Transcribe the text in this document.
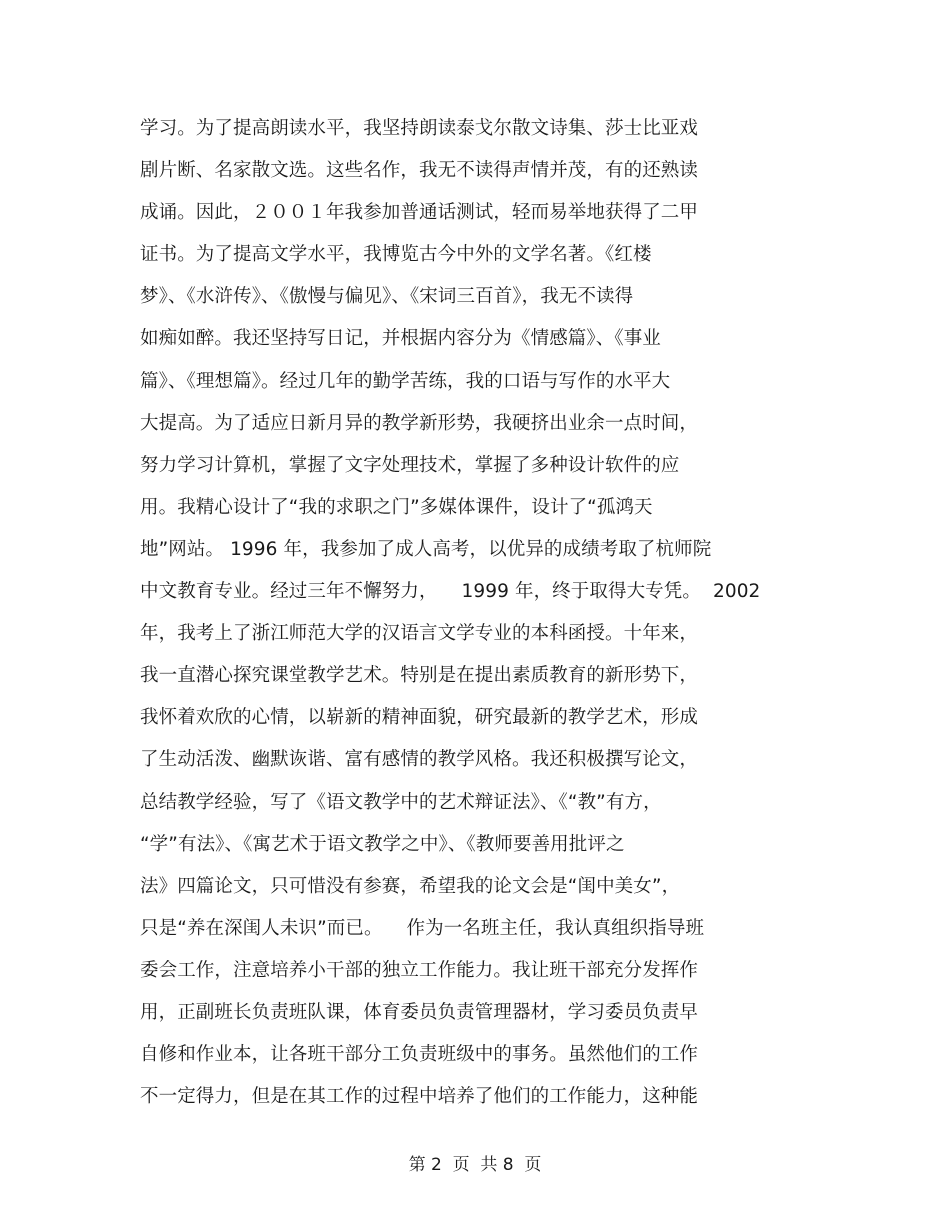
学习。为了提高朗读水平，我坚持朗读泰戈尔散文诗集、莎士比亚戏
剧片断、名家散文选。这些名作，我无不读得声情并茂，有的还熟读
成诵。因此，２００１年我参加普通话测试，轻而易举地获得了二甲
证书。为了提高文学水平，我博览古今中外的文学名著。《红楼
梦》、《水浒传》、《傲慢与偏见》、《宋词三百首》，我无不读得
如痴如醉。我还坚持写日记，并根据内容分为《情感篇》、《事业
篇》、《理想篇》。经过几年的勤学苦练，我的口语与写作的水平大
大提高。为了适应日新月异的教学新形势，我硬挤出业余一点时间，
努力学习计算机，掌握了文字处理技术，掌握了多种设计软件的应
用。我精心设计了“我的求职之门”多媒体课件，设计了“孤鸿天
地”网站。 1996 年，我参加了成人高考，以优异的成绩考取了杭师院
中文教育专业。经过三年不懈努力，    1999 年，终于取得大专凭。  2002
年，我考上了浙江师范大学的汉语言文学专业的本科函授。十年来，
我一直潜心探究课堂教学艺术。特别是在提出素质教育的新形势下，
我怀着欢欣的心情，以崭新的精神面貌，研究最新的教学艺术，形成
了生动活泼、幽默诙谐、富有感情的教学风格。我还积极撰写论文，
总结教学经验，写了《语文教学中的艺术辩证法》、《“教”有方，
“学”有法》、《寓艺术于语文教学之中》、《教师要善用批评之
法》四篇论文，只可惜没有参赛，希望我的论文会是“闺中美女”，
只是“养在深闺人未识”而已。    作为一名班主任，我认真组织指导班
委会工作，注意培养小干部的独立工作能力。我让班干部充分发挥作
用，正副班长负责班队课，体育委员负责管理器材，学习委员负责早
自修和作业本，让各班干部分工负责班级中的事务。虽然他们的工作
不一定得力，但是在其工作的过程中培养了他们的工作能力，这种能
第 2  页  共 8  页
